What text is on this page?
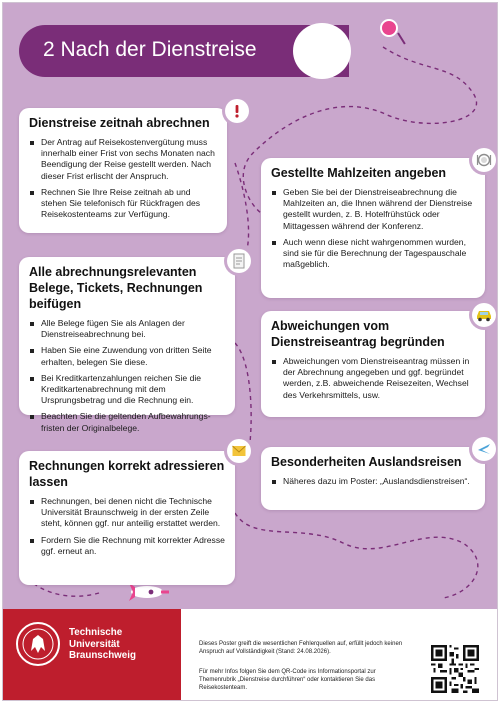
2 Nach der Dienstreise
Dienstreise zeitnah abrechnen
Der Antrag auf Reisekostenvergütung muss innerhalb einer Frist von sechs Monaten nach Beendigung der Reise gestellt werden. Nach dieser Frist erlischt der Anspruch.
Rechnen Sie Ihre Reise zeitnah ab und stehen Sie telefonisch für Rückfragen des Reisekostenteams zur Verfügung.
Gestellte Mahlzeiten angeben
Geben Sie bei der Dienstreiseabrechnung die Mahlzeiten an, die Ihnen während der Dienstreise gestellt wurden, z. B. Hotelfrühstück oder Mittagessen während der Konferenz.
Auch wenn diese nicht wahrgenommen wurden, sind sie für die Berechnung der Tagespauschale maßgeblich.
Alle abrechnungsrelevanten Belege, Tickets, Rechnungen beifügen
Alle Belege fügen Sie als Anlagen der Dienstreiseabrechnung bei.
Haben Sie eine Zuwendung von dritten Seite erhalten, belegen Sie diese.
Bei Kreditkartenzahlungen reichen Sie die Kreditkartenabrechnung mit dem Ursprungsbetrag und die Rechnung ein.
Beachten Sie die geltenden Aufbewahrungs-fristen der Originalbelege.
Abweichungen vom Dienstreiseantrag begründen
Abweichungen vom Dienstreiseantrag müssen in der Abrechnung angegeben und ggf. begründet werden, z.B. abweichende Reisezeiten, Wechsel des Verkehrsmittels, usw.
Rechnungen korrekt adressieren lassen
Rechnungen, bei denen nicht die Technische Universität Braunschweig in der ersten Zeile steht, können ggf. nur anteilig erstattet werden.
Fordern Sie die Rechnung mit korrekter Adresse ggf. erneut an.
Besonderheiten Auslandsreisen
Näheres dazu im Poster: „Auslandsdienstreisen“.
Technische
Universität
Braunschweig
Dieses Poster greift die wesentlichen Fehlerquellen auf, erfüllt jedoch keinen Anspruch auf Vollständigkeit (Stand: 24.08.2026).
Für mehr Infos folgen Sie dem QR-Code ins Informationsportal zur Themenrubrik „Dienstreise durchführen“ oder kontaktieren Sie das Reisekostenteam.
